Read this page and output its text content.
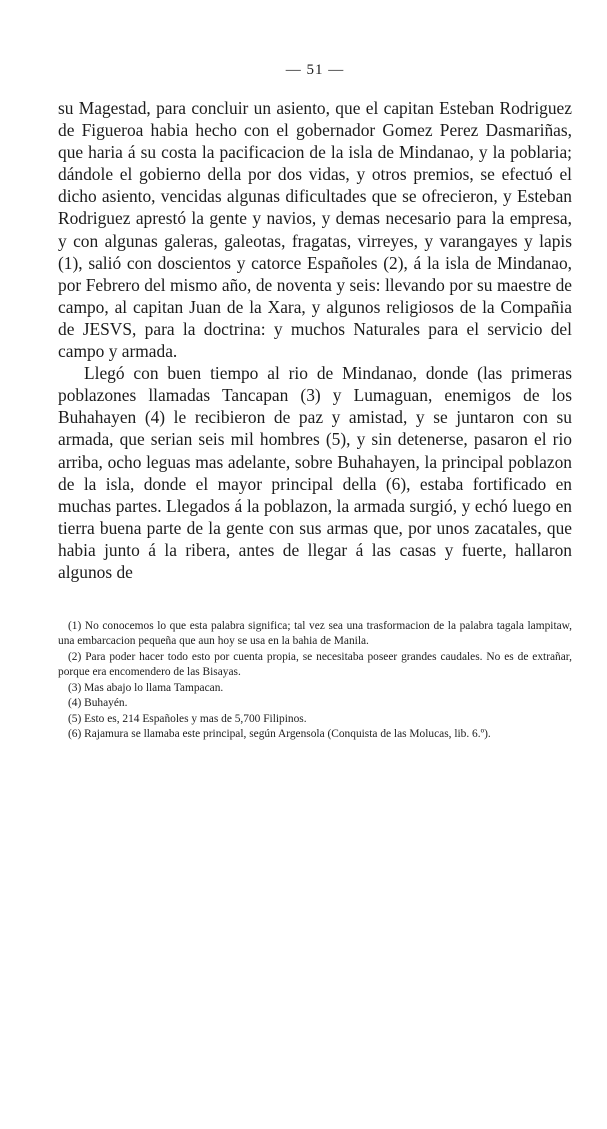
— 51 —

su Magestad, para concluir un asiento, que el capitan Esteban Rodriguez de Figueroa habia hecho con el gobernador Gomez Perez Dasmariñas, que haria á su costa la pacificacion de la isla de Mindanao, y la poblaria; dándole el gobierno della por dos vidas, y otros premios, se efectuó el dicho asiento, vencidas algunas dificultades que se ofrecieron, y Esteban Rodriguez aprestó la gente y navios, y demas necesario para la empresa, y con algunas galeras, galeotas, fragatas, virreyes, y varangayes y lapis (1), salió con doscientos y catorce Españoles (2), á la isla de Mindanao, por Febrero del mismo año, de noventa y seis: llevando por su maestre de campo, al capitan Juan de la Xara, y algunos religiosos de la Compañia de JESVS, para la doctrina: y muchos Naturales para el servicio del campo y armada.

Llegó con buen tiempo al rio de Mindanao, donde (las primeras poblazones llamadas Tancapan (3) y Lumaguan, enemigos de los Buhahayen (4) le recibieron de paz y amistad, y se juntaron con su armada, que serian seis mil hombres (5), y sin detenerse, pasaron el rio arriba, ocho leguas mas adelante, sobre Buhahayen, la principal poblazon de la isla, donde el mayor principal della (6), estaba fortificado en muchas partes. Llegados á la poblazon, la armada surgió, y echó luego en tierra buena parte de la gente con sus armas que, por unos zacatales, que habia junto á la ribera, antes de llegar á las casas y fuerte, hallaron algunos de

(1) No conocemos lo que esta palabra significa; tal vez sea una trasformacion de la palabra tagala lampitaw, una embarcacion pequeña que aun hoy se usa en la bahia de Manila.

(2) Para poder hacer todo esto por cuenta propia, se necesitaba poseer grandes caudales. No es de extrañar, porque era encomendero de las Bisayas.

(3) Mas abajo lo llama Tampacan.

(4) Buhayén.

(5) Esto es, 214 Españoles y mas de 5,700 Filipinos.

(6) Rajamura se llamaba este principal, según Argensola (Conquista de las Molucas, lib. 6.º).
